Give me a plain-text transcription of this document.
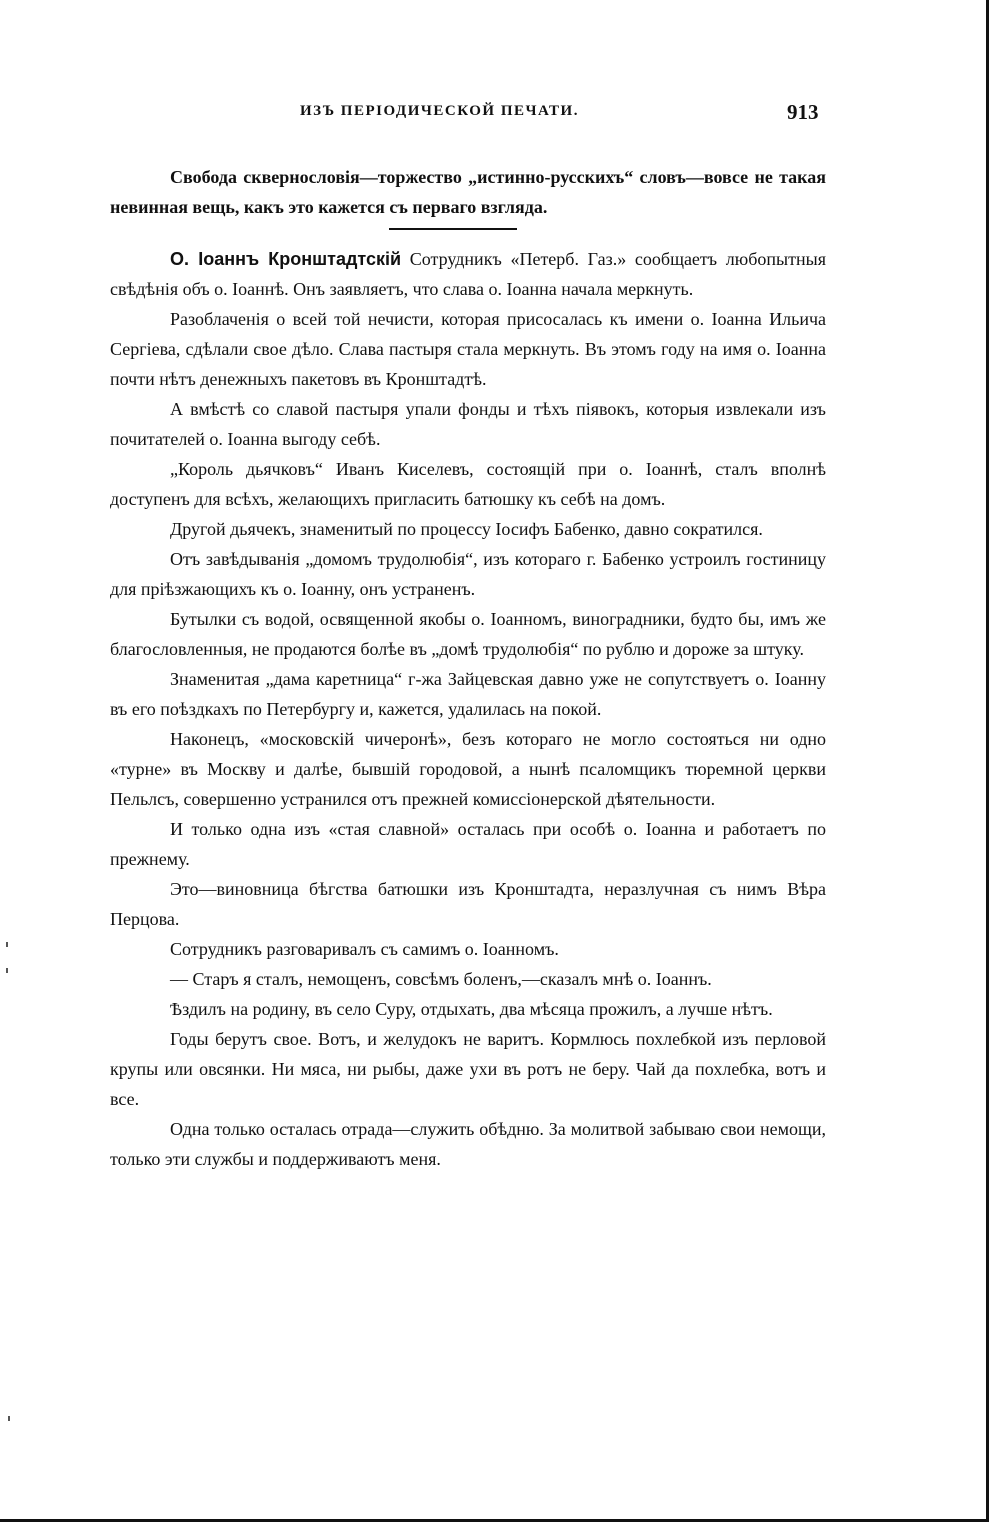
ИЗЪ ПЕРІОДИЧЕСКОЙ ПЕЧАТИ.	913

Свобода сквернословія—торжество „истинно-русскихъ“ словъ—вовсе не такая невинная вещь, какъ это кажется съ перваго взгляда.

О. Іоаннъ Кронштадтскій Сотрудникъ «Петерб. Газ.» сообщаетъ любопытныя свѣдѣнія объ о. Іоаннѣ. Онъ заявляетъ, что слава о. Іоанна начала меркнуть.

Разоблаченія о всей той нечисти, которая присосалась къ имени о. Іоанна Ильича Сергіева, сдѣлали свое дѣло. Слава пастыря стала меркнуть. Въ этомъ году на имя о. Іоанна почти нѣтъ денежныхъ пакетовъ въ Кронштадтѣ.

А вмѣстѣ со славой пастыря упали фонды и тѣхъ піявокъ, которыя извлекали изъ почитателей о. Іоанна выгоду себѣ.

„Король дьячковъ“ Иванъ Киселевъ, состоящій при о. Іоаннѣ, сталъ вполнѣ доступенъ для всѣхъ, желающихъ пригласить батюшку къ себѣ на домъ.

Другой дьячекъ, знаменитый по процессу Іосифъ Бабенко, давно сократился.

Отъ завѣдыванія „домомъ трудолюбія“, изъ котораго г. Бабенко устроилъ гостиницу для пріѣзжающихъ къ о. Іоанну, онъ устраненъ.

Бутылки съ водой, освященной якобы о. Іоанномъ, виноградники, будто бы, имъ же благословленныя, не продаются болѣе въ „домѣ трудолюбія“ по рублю и дороже за штуку.

Знаменитая „дама каретница“ г-жа Зайцевская давно уже не сопутствуетъ о. Іоанну въ его поѣздкахъ по Петербургу и, кажется, удалилась на покой.

Наконецъ, «московскій чичеронѣ», безъ котораго не могло состояться ни одно «турне» въ Москву и далѣе, бывшій городовой, а нынѣ псаломщикъ тюремной церкви Пельлсъ, совершенно устранился отъ прежней комиссіонерской дѣятельности.

И только одна изъ «стая славной» осталась при особѣ о. Іоанна и работаетъ по прежнему.

Это—виновница бѣгства батюшки изъ Кронштадта, неразлучная съ нимъ Вѣра Перцова.

Сотрудникъ разговаривалъ съ самимъ о. Іоанномъ.

— Старъ я сталъ, немощенъ, совсѣмъ боленъ,—сказалъ мнѣ о. Іоаннъ.

Ѣздилъ на родину, въ село Суру, отдыхать, два мѣсяца прожилъ, а лучше нѣтъ.

Годы берутъ свое. Вотъ, и желудокъ не варитъ. Кормлюсь похлебкой изъ перловой крупы или овсянки. Ни мяса, ни рыбы, даже ухи въ ротъ не беру. Чай да похлебка, вотъ и все.

Одна только осталась отрада—служить обѣдню. За молитвой забываю свои немощи, только эти службы и поддерживаютъ меня.
